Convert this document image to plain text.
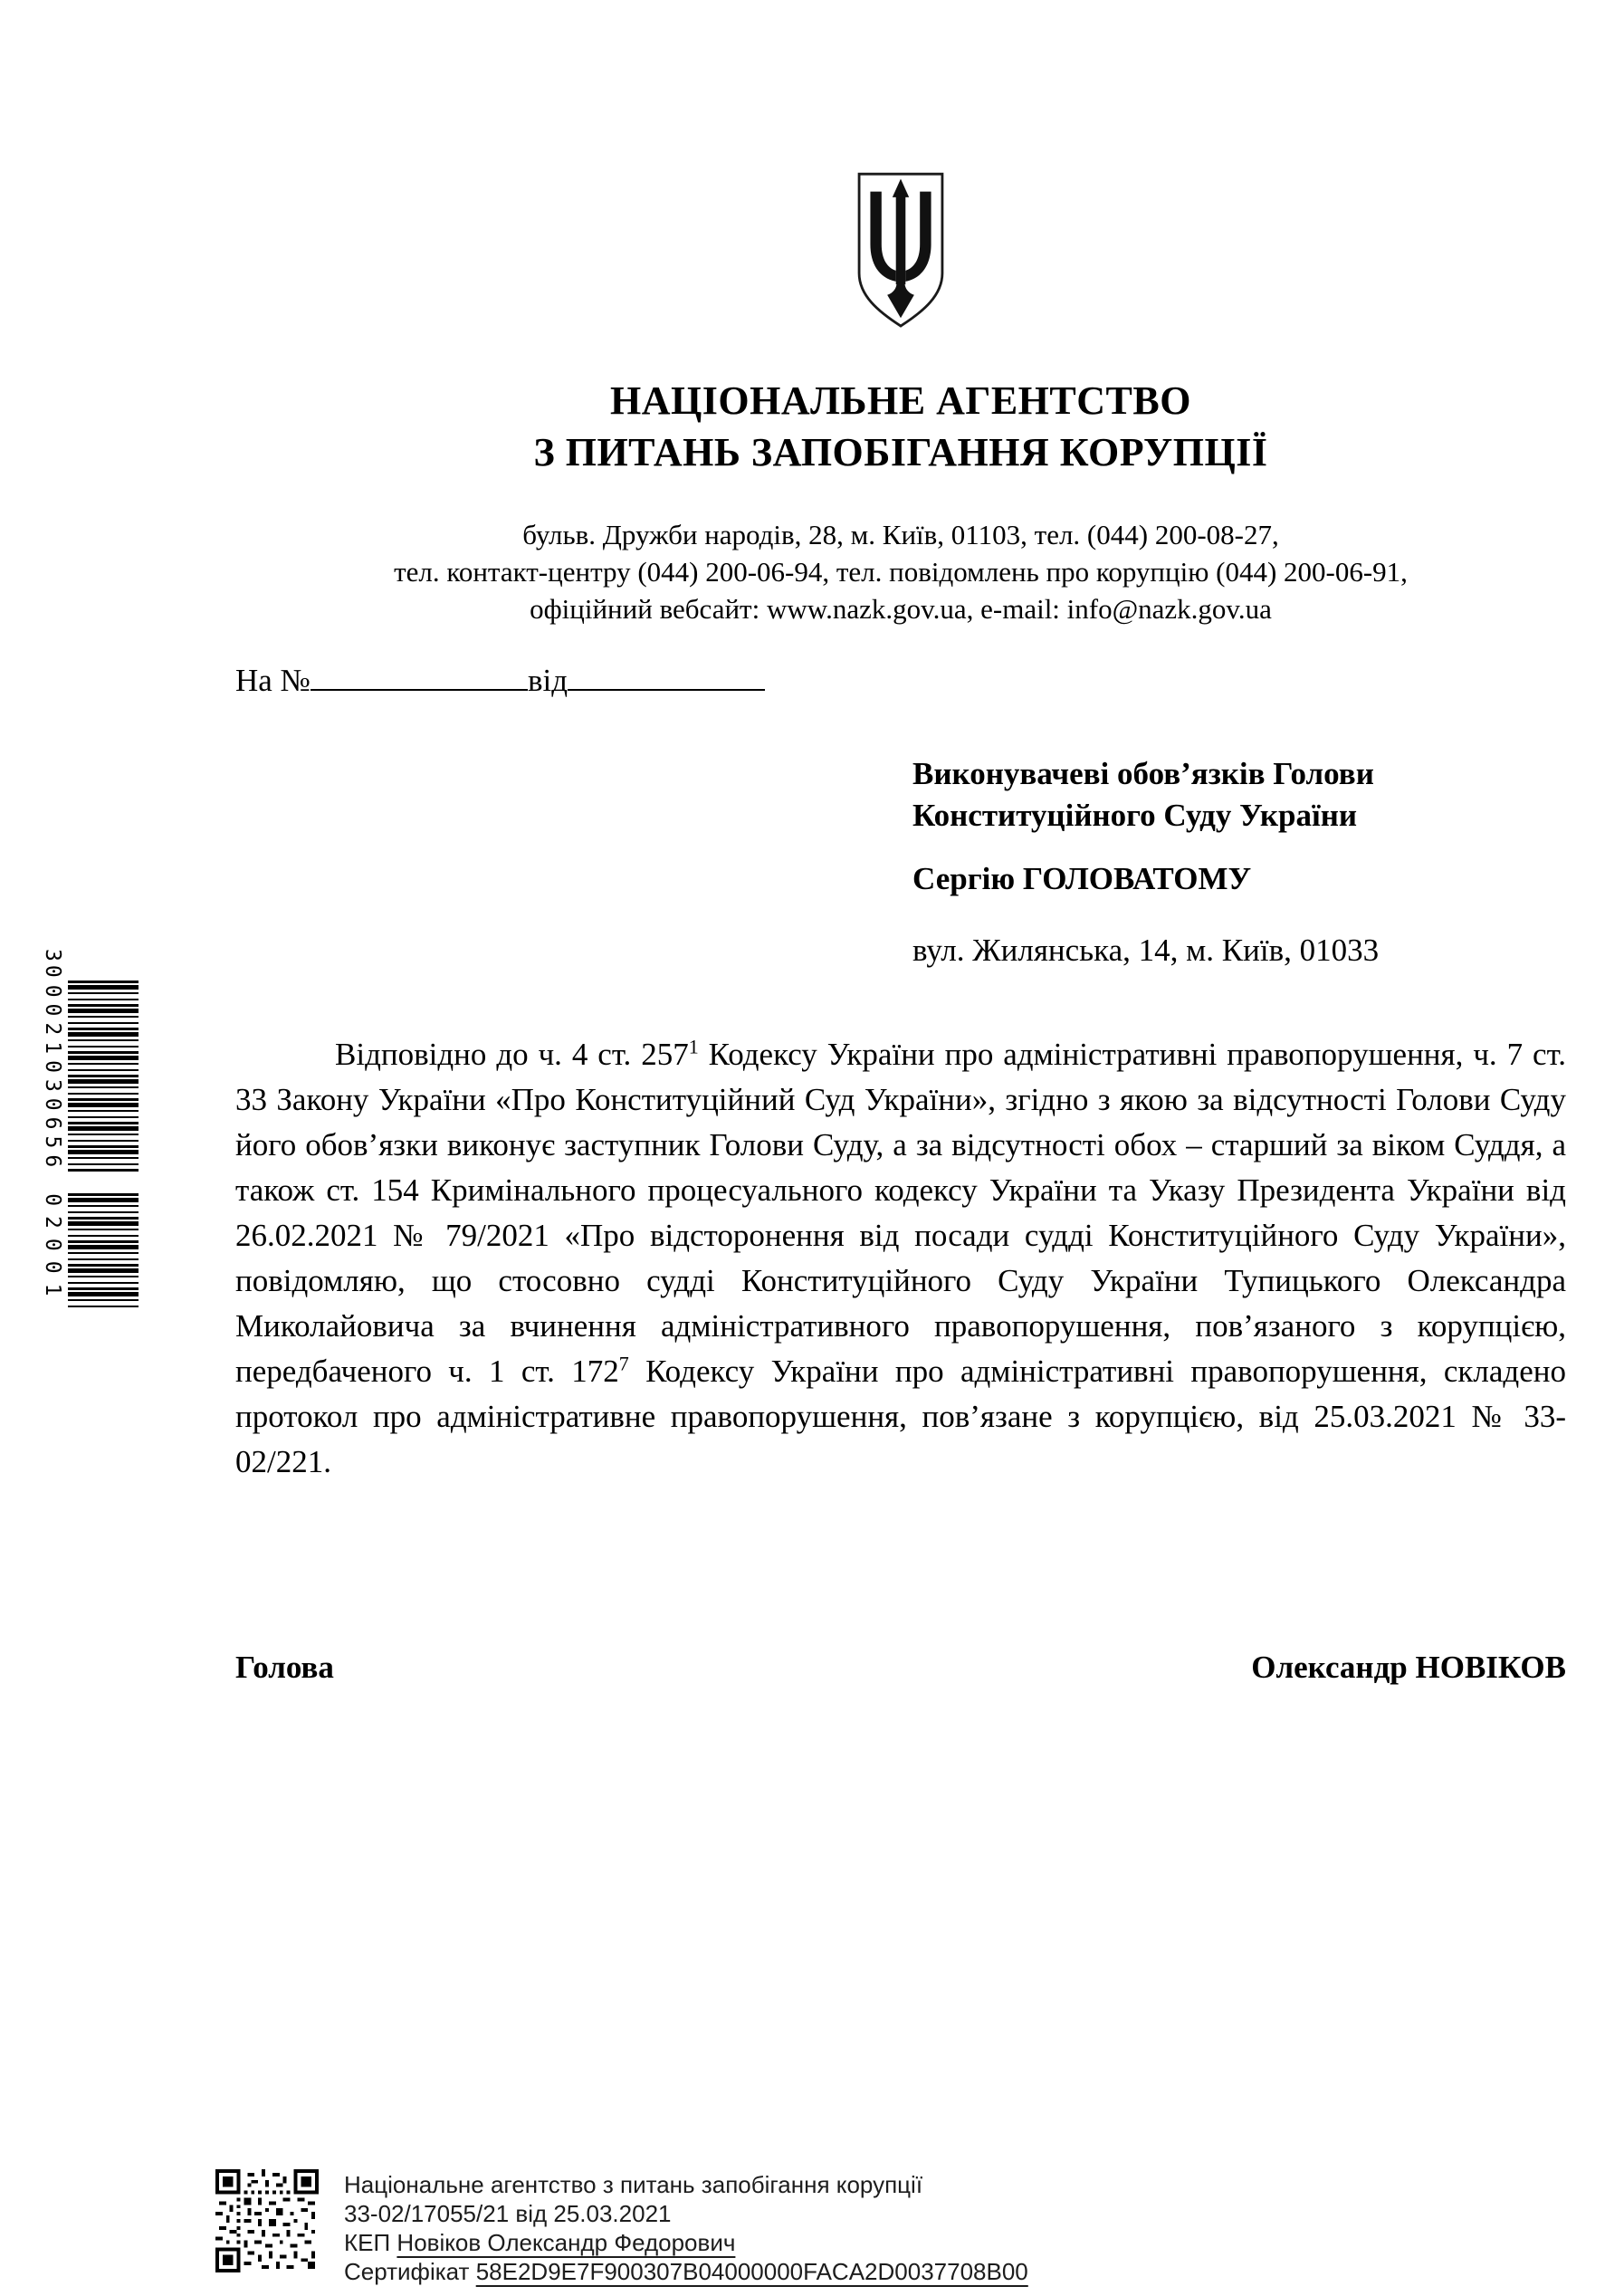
НАЦІОНАЛЬНЕ АГЕНТСТВО
З ПИТАНЬ ЗАПОБІГАННЯ КОРУПЦІЇ
бульв. Дружби народів, 28, м. Київ, 01103, тел. (044) 200-08-27,
тел. контакт-центру (044) 200-06-94, тел. повідомлень про корупцію (044) 200-06-91,
офіційний вебсайт: www.nazk.gov.ua, e-mail: info@nazk.gov.ua
На №	від

Виконувачеві обов’язків Голови
Конституційного Суду України

Сергію ГОЛОВАТОМУ

вул. Жилянська, 14, м. Київ, 01033

Відповідно до ч. 4 ст. $257^1$ Кодексу України про адміністративні правопорушення, ч. 7 ст. 33 Закону України «Про Конституційний Суд України», згідно з якою за відсутності Голови Суду його обов’язки виконує заступник Голови Суду, а за відсутності обох – старший за віком Суддя, а також ст. 154 Кримінального процесуального кодексу України та Указу Президента України від 26.02.2021 № 79/2021 «Про відсторонення від посади судді Конституційного Суду України», повідомляю, що стосовно судді Конституційного Суду України Тупицького Олександра Миколайовича за вчинення адміністративного правопорушення, пов’язаного з корупцією, передбаченого ч. 1 ст. $172^7$ Кодексу України про адміністративні правопорушення, складено протокол про адміністративне правопорушення, пов’язане з корупцією, від 25.03.2021 № 33-02/221.

Голова	Олександр НОВІКОВ
30
0021030656
02001
Національне агентство з питань запобігання корупції
33-02/17055/21 від 25.03.2021
КЕП Новіков Олександр Федорович
Сертифікат 58E2D9E7F900307B04000000FACA2D0037708B00
